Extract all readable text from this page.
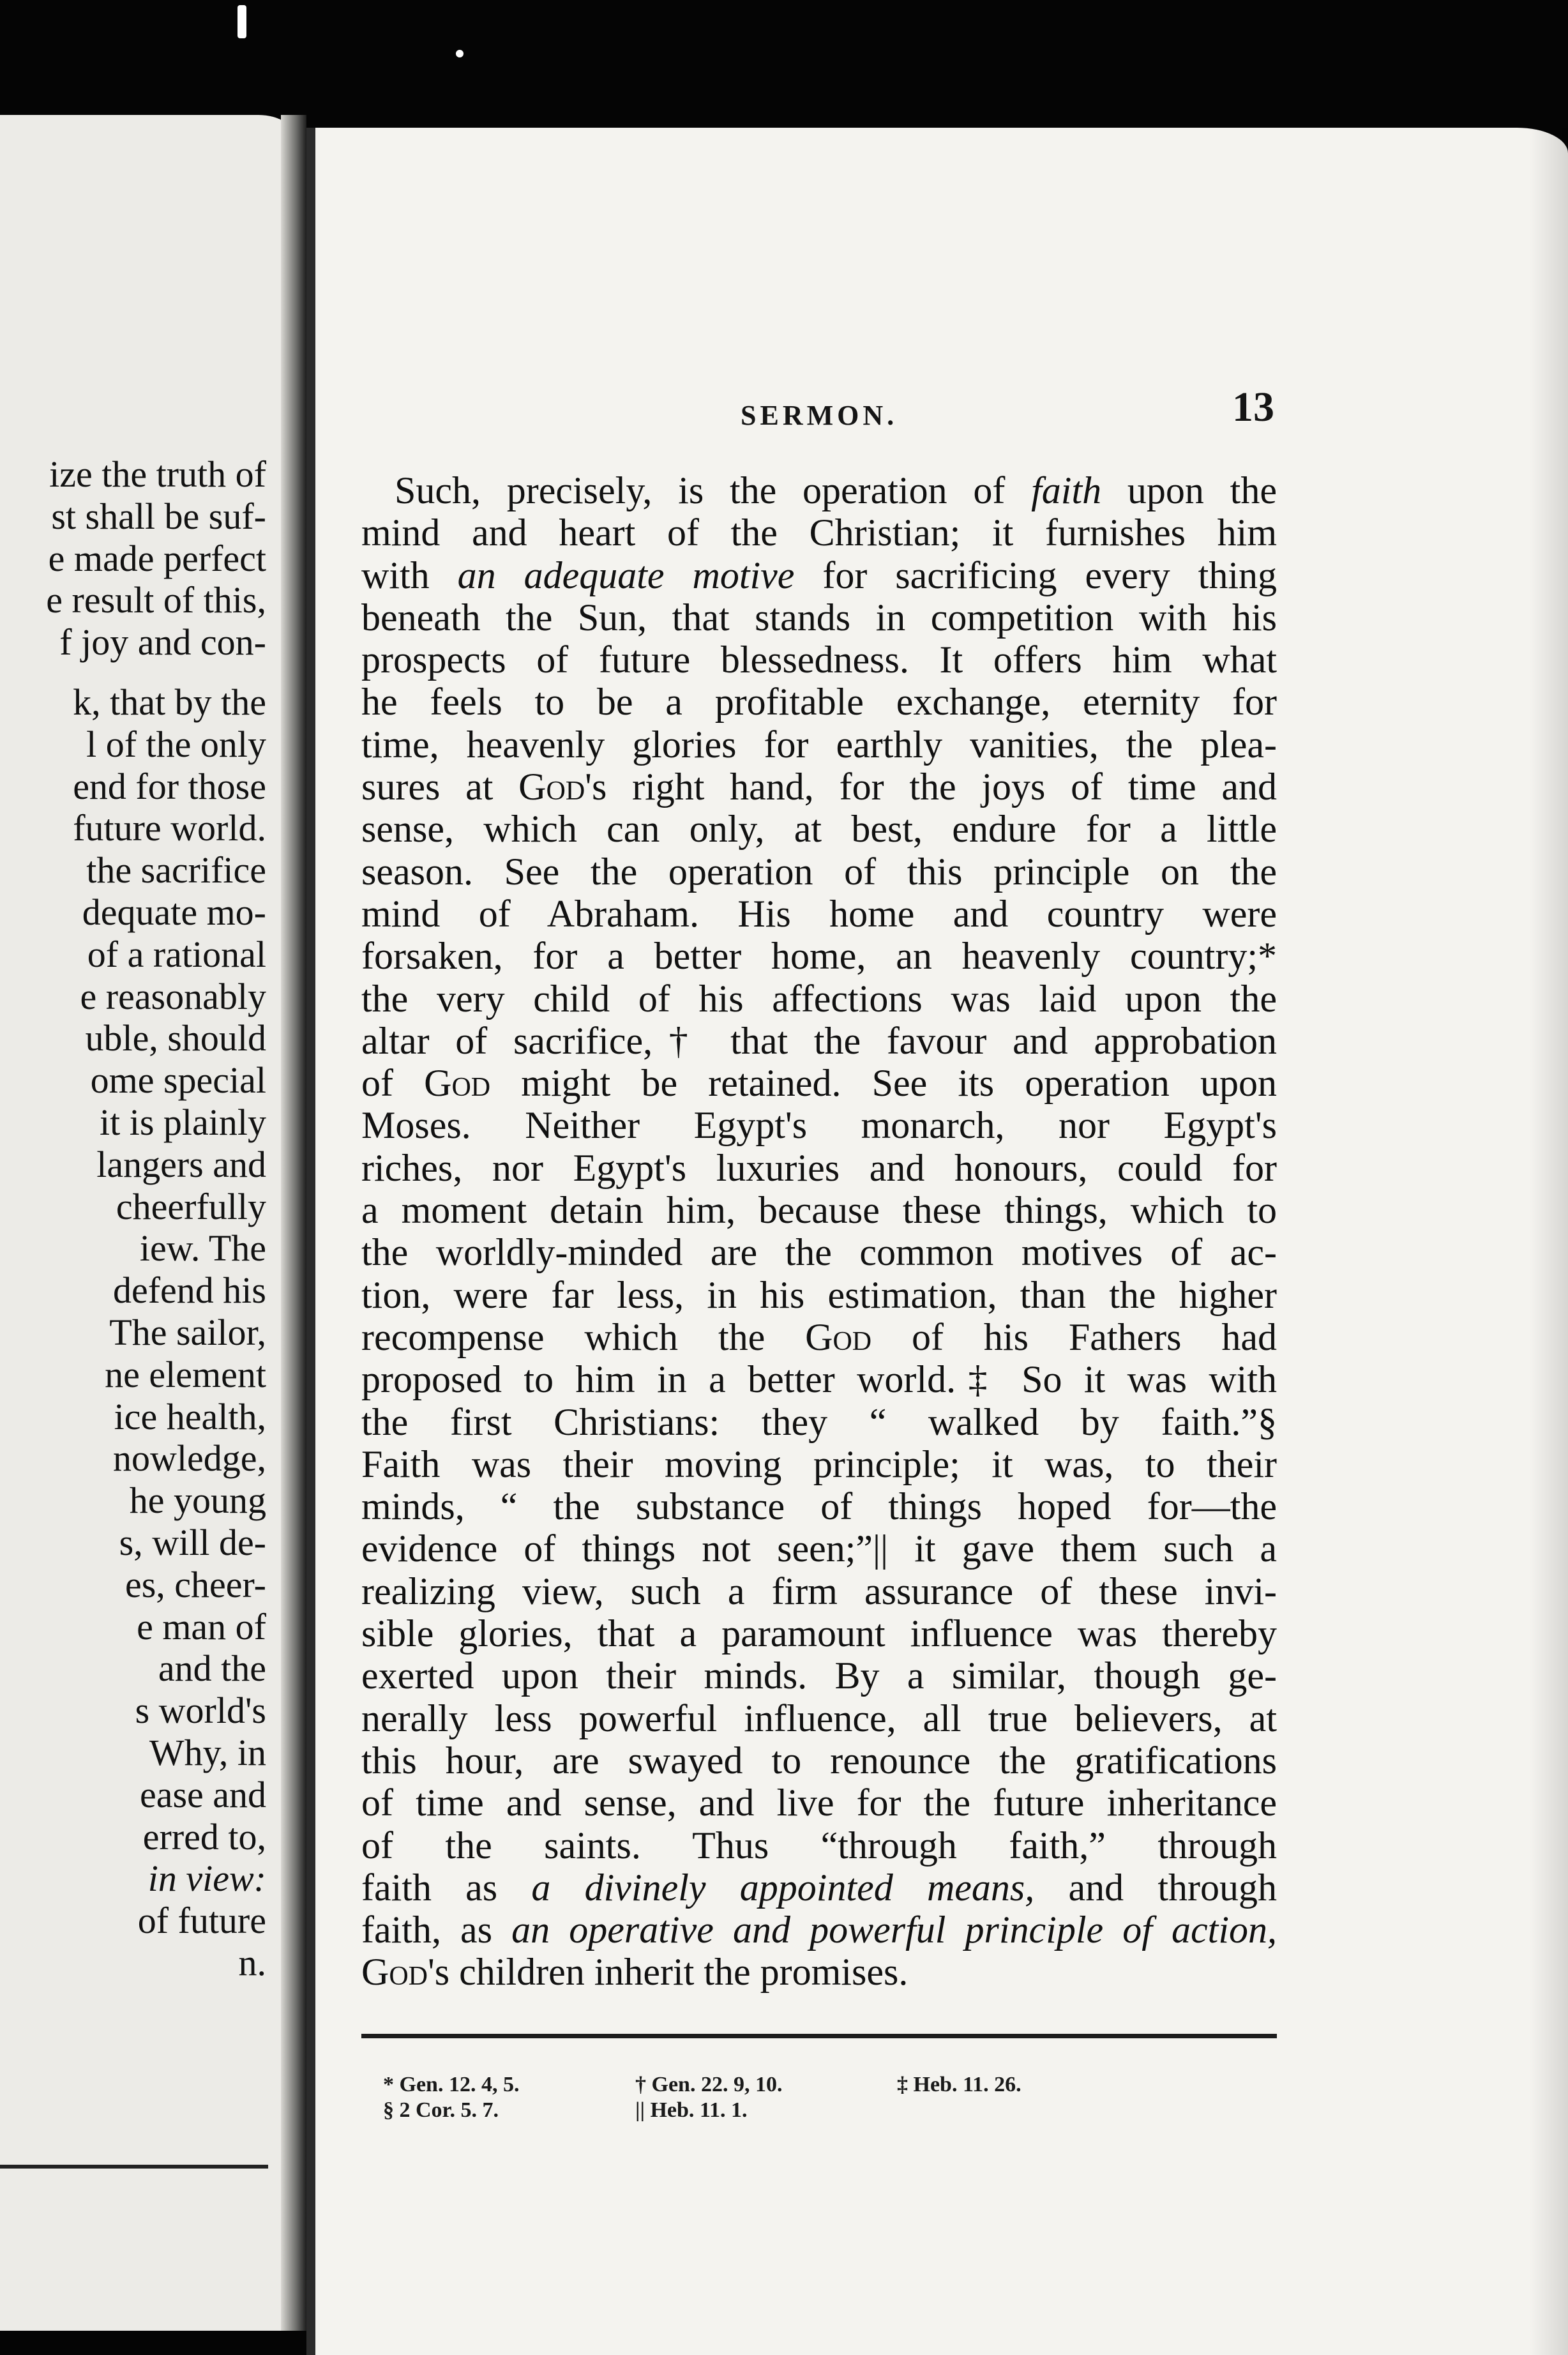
ize the truth of
st shall be suf-
e made perfect
e result of this,
f joy and con-
k, that by the
l of the only
end for those
future world.
the sacrifice
dequate mo-
of a rational
e reasonably
uble, should
ome special
it is plainly
langers and
cheerfully
iew. The
defend his
The sailor,
ne element
ice health,
nowledge,
he young
s, will de-
es, cheer-
e man of
and the
s world's
Why, in
ease and
erred to,
in view:
of future
n.
SERMON.	13
Such, precisely, is the operation of faith upon the
mind and heart of the Christian; it furnishes him
with an adequate motive for sacrificing every thing
beneath the Sun, that stands in competition with his
prospects of future blessedness. It offers him what
he feels to be a profitable exchange, eternity for
time, heavenly glories for earthly vanities, the plea-
sures at God's right hand, for the joys of time and
sense, which can only, at best, endure for a little
season. See the operation of this principle on the
mind of Abraham. His home and country were
forsaken, for a better home, an heavenly country;*
the very child of his affections was laid upon the
altar of sacrifice,† that the favour and approbation
of God might be retained. See its operation upon
Moses. Neither Egypt's monarch, nor Egypt's
riches, nor Egypt's luxuries and honours, could for
a moment detain him, because these things, which to
the worldly-minded are the common motives of ac-
tion, were far less, in his estimation, than the higher
recompense which the God of his Fathers had
proposed to him in a better world.‡ So it was with
the first Christians: they “ walked by faith.”§
Faith was their moving principle; it was, to their
minds, “ the substance of things hoped for—the
evidence of things not seen;”|| it gave them such a
realizing view, such a firm assurance of these invi-
sible glories, that a paramount influence was thereby
exerted upon their minds. By a similar, though ge-
nerally less powerful influence, all true believers, at
this hour, are swayed to renounce the gratifications
of time and sense, and live for the future inheritance
of the saints. Thus “through faith,” through
faith as a divinely appointed means, and through
faith, as an operative and powerful principle of action,
God's children inherit the promises.
* Gen. 12. 4, 5.	† Gen. 22. 9, 10.	‡ Heb. 11. 26.
§ 2 Cor. 5. 7.	|| Heb. 11. 1.
